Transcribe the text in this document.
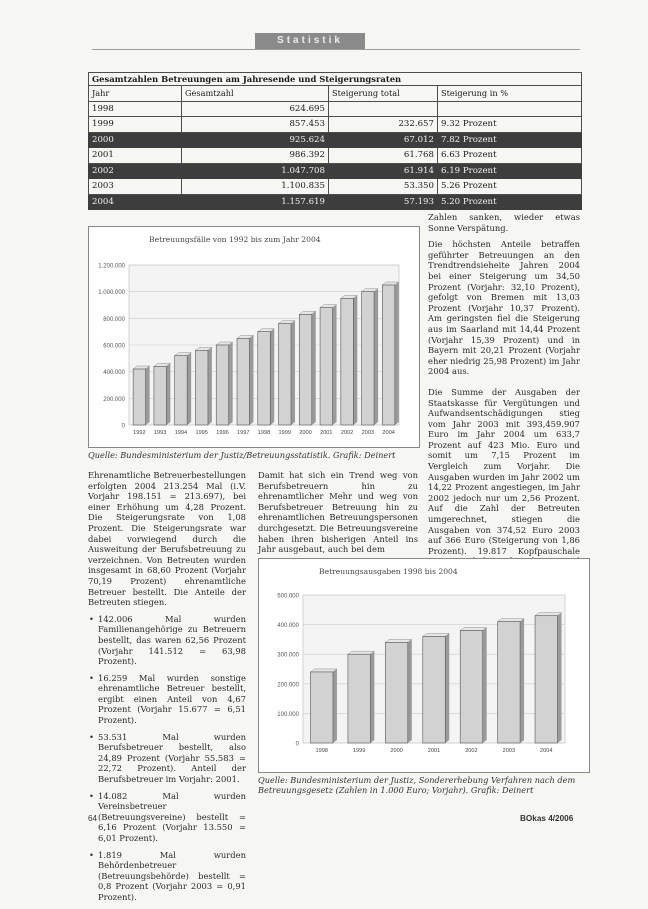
Statistik
Gesamtzahlen Betreuungen am Jahresende und Steigerungsraten			
Jahr	Gesamtzahl	Steigerung total	Steigerung in %
1998	624.695		
1999	857.453	232.657	9.32 Prozent
2000	925.624	67.012	7.82 Prozent
2001	986.392	61.768	6.63 Prozent
2002	1.047.708	61.914	6.19 Prozent
2003	1.100.835	53.350	5.26 Prozent
2004	1.157.619	57.193	5.20 Prozent
Betreuungsfälle von 1992 bis zum Jahr 2004
1.200.000
1.000.000
800.000
600.000
400.000
200.000
0
1992 1993 1994 1995 1996 1997 1998 1999 2000 2001 2002 2003 2004
Quelle: Bundesministerium der Justiz/Betreuungsstatistik. Grafik: Deinert

Zahlen sanken, wieder etwas Sonne Verspätung.

Die höchsten Anteile betraffen geführter Betreuungen an den Trendtrendsieheite Jahren 2004 bei einer Steigerung um 34,50 Prozent (Vorjahr: 32,10 Prozent), gefolgt von Bremen mit 13,03 Prozent (Vorjahr 10,37 Prozent). Am geringsten fiel die Steigerung aus im Saarland mit 14,44 Prozent (Vorjahr 15,39 Prozent) und in Bayern mit 20,21 Prozent (Vorjahr eher niedrig 25,98 Prozent) im Jahr 2004 aus.

Die Summe der Ausgaben der Staatskasse für Vergütungen und Aufwandsentschädigungen stieg vom Jahr 2003 mit 393,459.907 Euro im Jahr 2004 um 633,7 Prozent auf 423 Mio. Euro und somit um 7,15 Prozent im Vergleich zum Vorjahr. Die Ausgaben wurden im Jahr 2002 um 14,22 Prozent angestiegen, im Jahr 2002 jedoch nur um 2,56 Prozent. Auf die Zahl der Betreuten umgerechnet, stiegen die Ausgaben von 374,52 Euro 2003 auf 366 Euro (Steigerung von 1,86 Prozent). 19.817 Kopfpauschale

Ehrenamtliche Betreuerbestellungen erfolgten 2004 213.254 Mal (i.V. Vorjahr 198.151 = 213.697), bei einer Erhöhung um 4,28 Prozent. Die Steigerungsrate von 1,08 Prozent. Die Steigerungsrate war dabei vorwiegend durch die Ausweitung der Berufsbetreuung zu verzeichnen. Von Betreuten wurden insgesamt in 68,60 Prozent (Vorjahr 70,19 Prozent) ehrenamtliche Betreuer bestellt. Die Anteile der Betreuten stiegen.

• 142.006 Mal wurden Familienangehörige zu Betreuern bestellt, das waren 62,56 Prozent (Vorjahr 141.512 = 63,98 Prozent).
• 16.259 Mal wurden sonstige ehrenamtliche Betreuer bestellt, ergibt einen Anteil von 4,67 Prozent (Vorjahr 15.677 = 6,51 Prozent).
• 53.531 Mal wurden Berufsbetreuer bestellt, also 24,89 Prozent (Vorjahr 55.583 = 22,72 Prozent). Anteil der Berufsbetreuer im Vorjahr: 2001.
• 14.082 Mal wurden Vereinsbetreuer (Betreuungsvereine) bestellt = 6,16 Prozent (Vorjahr 13.550 = 6,01 Prozent).
• 1.819 Mal wurden Behördenbetreuer (Betreuungsbehörde) bestellt = 0,8 Prozent (Vorjahr 2003 = 0,91 Prozent).

Damit hat sich ein Trend weg von Berufsbetreuern hin zu ehrenamtlicher Mehr und weg von Berufsbetreuer Betreuung hin zu ehrenamtlichen Betreuungspersonen durchgesetzt. Die Betreuungsvereine haben ihren bisherigen Anteil ins Jahr ausgebaut, auch bei dem

Betreuungsausgaben 1998 bis 2004
500.000
400.000
300.000
200.000
100.000
0
1998	1999	2000	2001	2002	2003	2004
Quelle: Bundesministerium der Justiz, Sondererhebung Verfahren nach dem Betreuungsgesetz (Zahlen in 1.000 Euro; Vorjahr). Grafik: Deinert
64	BOkas 4/2006
